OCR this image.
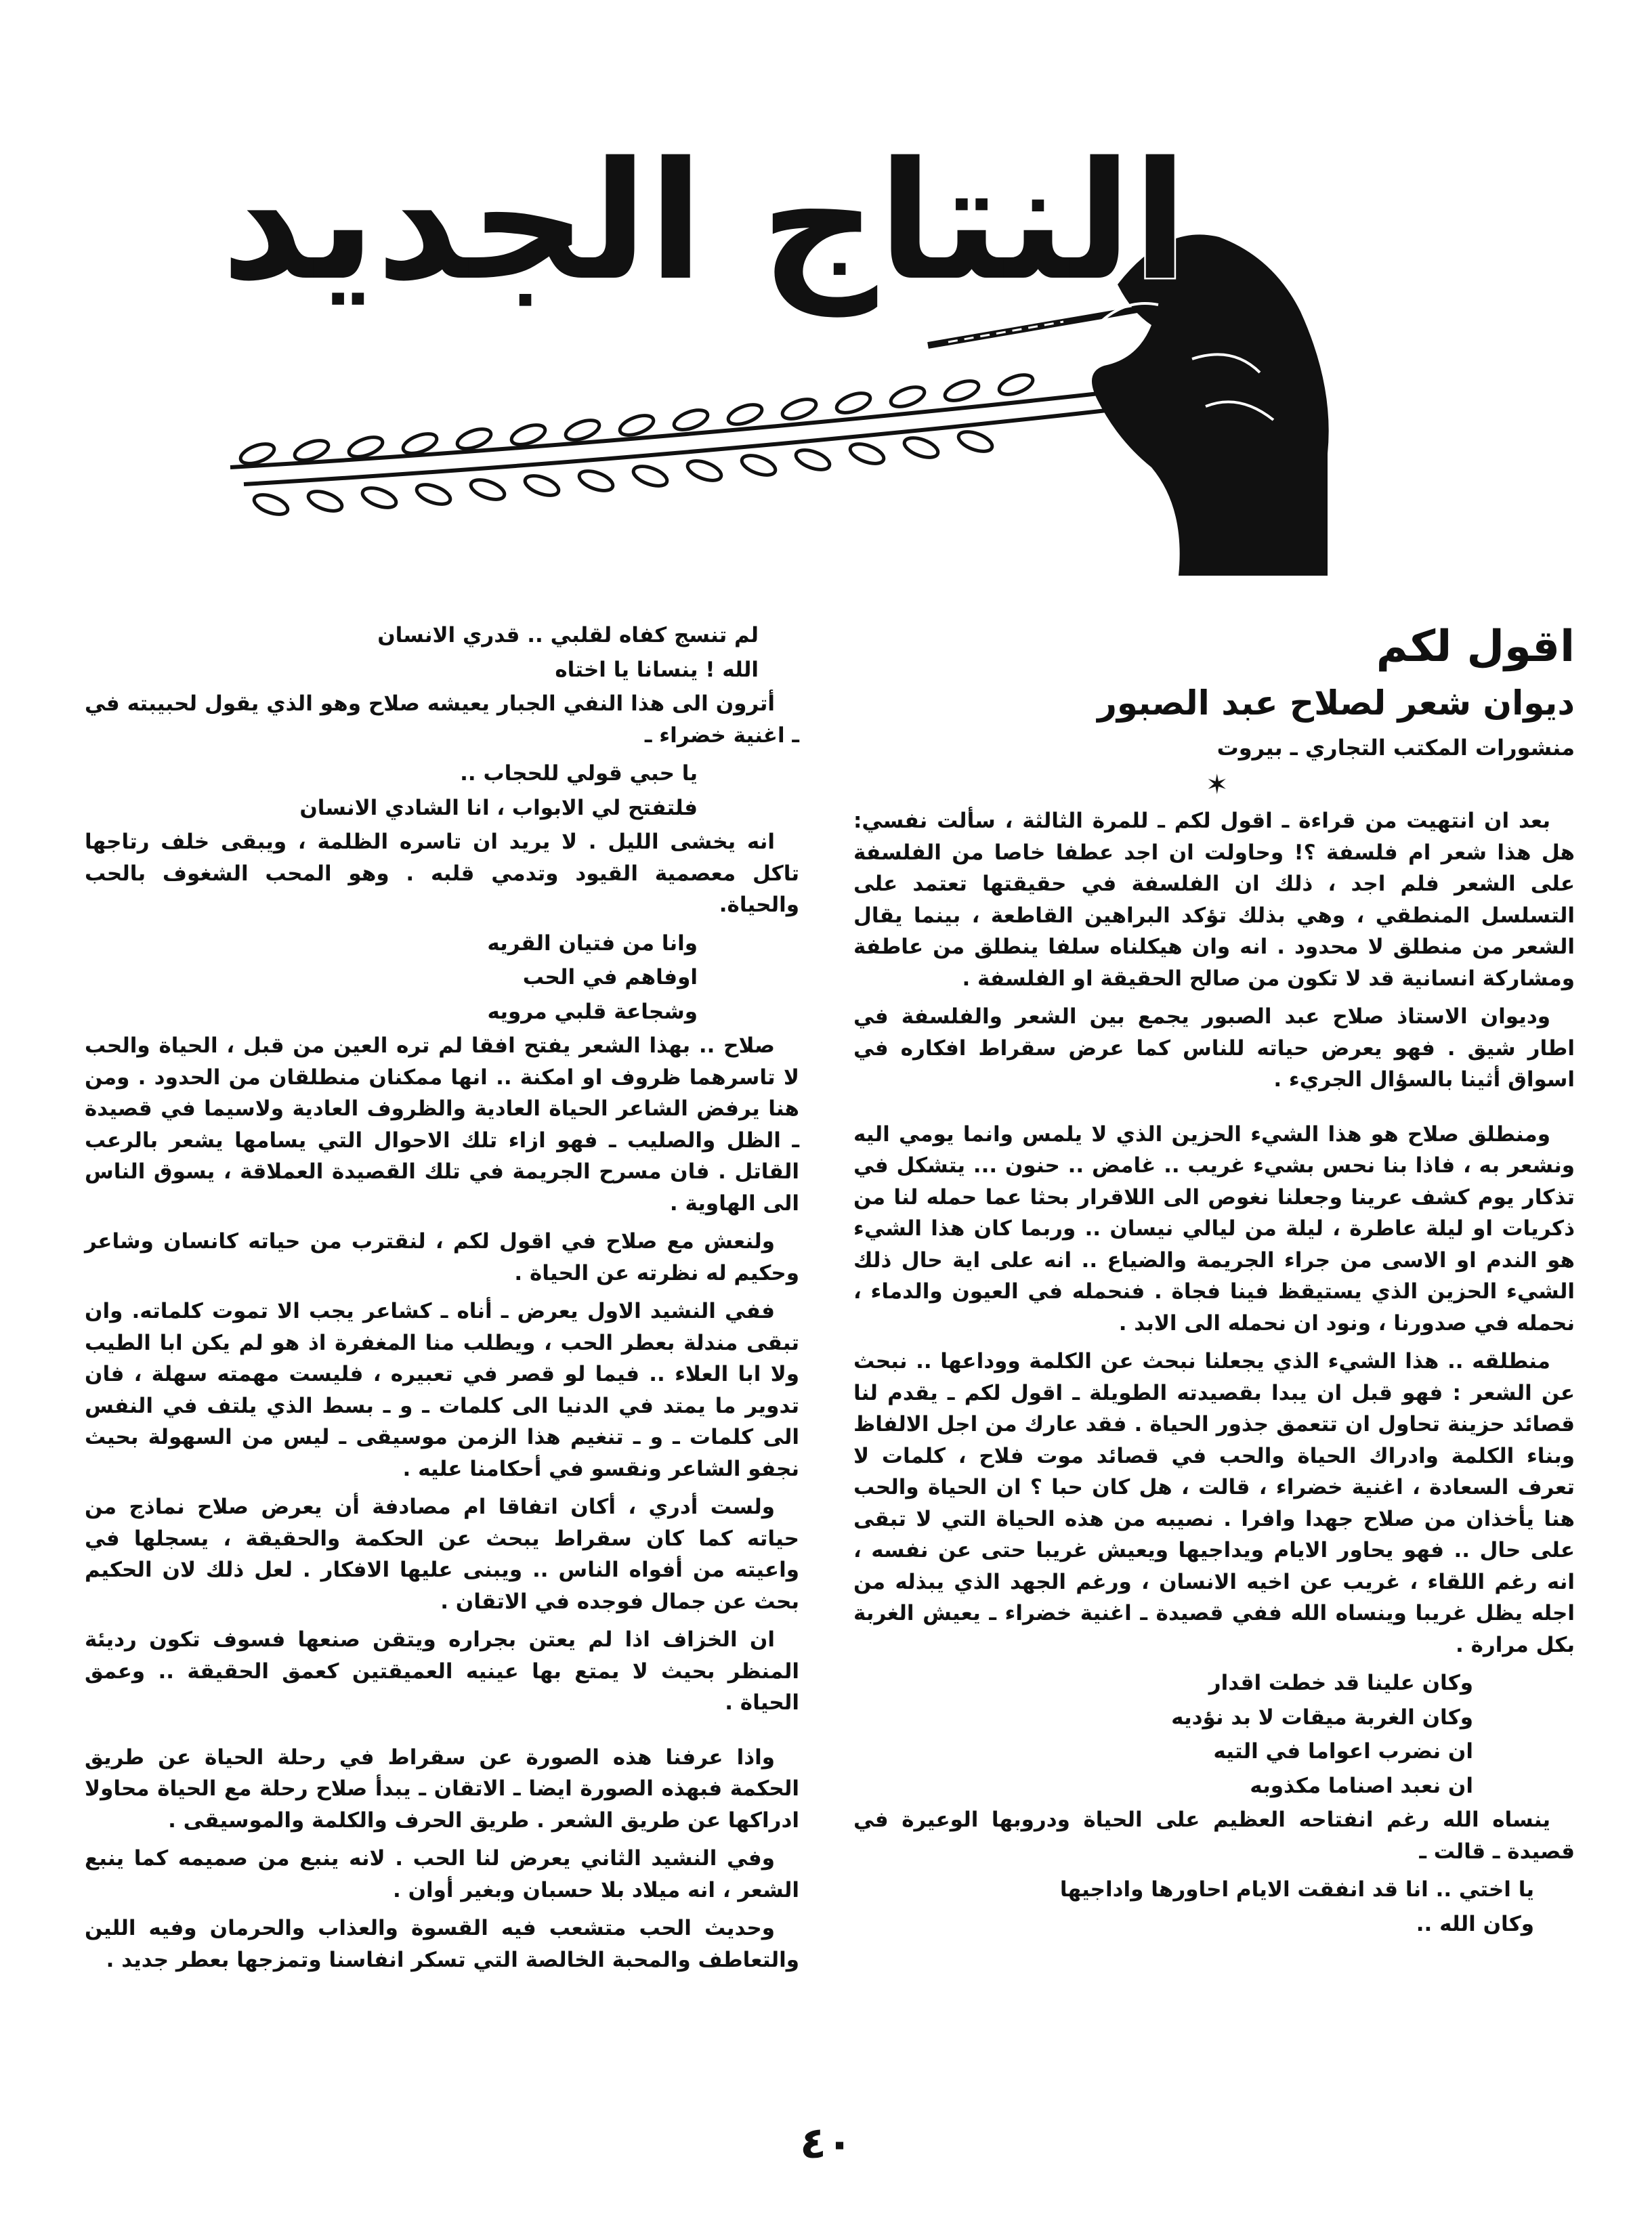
النتاج الجديد

اقول لكم

ديوان شعر لصلاح عبد الصبور

منشورات المكتب التجاري ـ بيروت

✶

بعد ان انتهيت من قراءة ـ اقول لكم ـ للمرة الثالثة ، سألت نفسي: هل هذا شعر ام فلسفة ؟! وحاولت ان اجد عطفا خاصا من الفلسفة على الشعر فلم اجد ، ذلك ان الفلسفة في حقيقتها تعتمد على التسلسل المنطقي ، وهي بذلك تؤكد البراهين القاطعة ، بينما يقال الشعر من منطلق لا محدود . انه وان هيكلناه سلفا ينطلق من عاطفة ومشاركة انسانية قد لا تكون من صالح الحقيقة او الفلسفة .

وديوان الاستاذ صلاح عبد الصبور يجمع بين الشعر والفلسفة في اطار شيق . فهو يعرض حياته للناس كما عرض سقراط افكاره في اسواق أثينا بالسؤال الجريء .

ومنطلق صلاح هو هذا الشيء الحزين الذي لا يلمس وانما يومي اليه ونشعر به ، فاذا بنا نحس بشيء غريب .. غامض .. حنون ... يتشكل في تذكار يوم كشف عرينا وجعلنا نغوص الى اللاقرار بحثا عما حمله لنا من ذكريات او ليلة عاطرة ، ليلة من ليالي نيسان .. وربما كان هذا الشيء هو الندم او الاسى من جراء الجريمة والضياع .. انه على اية حال ذلك الشيء الحزين الذي يستيقظ فينا فجاة . فنحمله في العيون والدماء ، نحمله في صدورنا ، ونود ان نحمله الى الابد .

منطلقه .. هذا الشيء الذي يجعلنا نبحث عن الكلمة ووداعها .. نبحث عن الشعر : فهو قبل ان يبدا بقصيدته الطويلة ـ اقول لكم ـ يقدم لنا قصائد حزينة تحاول ان تتعمق جذور الحياة . فقد عارك من اجل الالفاظ وبناء الكلمة وادراك الحياة والحب في قصائد موت فلاح ، كلمات لا تعرف السعادة ، اغنية خضراء ، قالت ، هل كان حبا ؟ ان الحياة والحب هنا يأخذان من صلاح جهدا وافرا . نصيبه من هذه الحياة التي لا تبقى على حال .. فهو يحاور الايام ويداجيها ويعيش غريبا حتى عن نفسه ، انه رغم اللقاء ، غريب عن اخيه الانسان ، ورغم الجهد الذي يبذله من اجله يظل غريبا وينساه الله ففي قصيدة ـ اغنية خضراء ـ يعيش الغربة بكل مرارة .

وكان علينا قد خطت اقدار

وكان الغربة ميقات لا بد نؤديه

ان نضرب اعواما في التيه

ان نعبد اصناما مكذوبه

ينساه الله رغم انفتاحه العظيم على الحياة ودروبها الوعيرة في قصيدة ـ قالت ـ

يا اختي .. انا قد انفقت الايام احاورها واداجيها

وكان الله ..

لم تنسج كفاه لقلبي .. قدري الانسان

الله ! ينسانا يا اختاه

أترون الى هذا النفي الجبار يعيشه صلاح وهو الذي يقول لحبيبته في ـ اغنية خضراء ـ

يا حبي قولي للحجاب ..

فلتفتح لي الابواب ، انا الشادي الانسان

انه يخشى الليل . لا يريد ان تاسره الظلمة ، ويبقى خلف رتاجها تاكل معصمية القيود وتدمي قلبه . وهو المحب الشغوف بالحب والحياة.

وانا من فتيان القريه

اوفاهم في الحب

وشجاعة قلبي مرويه

صلاح .. بهذا الشعر يفتح افقا لم تره العين من قبل ، الحياة والحب لا تاسرهما ظروف او امكنة .. انها ممكنان منطلقان من الحدود . ومن هنا يرفض الشاعر الحياة العادية والظروف العادية ولاسيما في قصيدة ـ الظل والصليب ـ فهو ازاء تلك الاحوال التي يسامها يشعر بالرعب القاتل . فان مسرح الجريمة في تلك القصيدة العملاقة ، يسوق الناس الى الهاوية .

ولنعش مع صلاح في اقول لكم ، لنقترب من حياته كانسان وشاعر وحكيم له نظرته عن الحياة .

ففي النشيد الاول يعرض ـ أناه ـ كشاعر يجب الا تموت كلماته. وان تبقى مندلة بعطر الحب ، ويطلب منا المغفرة اذ هو لم يكن ابا الطيب ولا ابا العلاء .. فيما لو قصر في تعبيره ، فليست مهمته سهلة ، فان تدوير ما يمتد في الدنيا الى كلمات ـ و ـ بسط الذي يلتف في النفس الى كلمات ـ و ـ تنغيم هذا الزمن موسيقى ـ ليس من السهولة بحيث نجفو الشاعر ونقسو في أحكامنا عليه .

ولست أدري ، أكان اتفاقا ام مصادفة أن يعرض صلاح نماذج من حياته كما كان سقراط يبحث عن الحكمة والحقيقة ، يسجلها في واعيته من أفواه الناس .. ويبنى عليها الافكار . لعل ذلك لان الحكيم بحث عن جمال فوجده في الاتقان .

ان الخزاف اذا لم يعتن بجراره ويتقن صنعها فسوف تكون رديئة المنظر بحيث لا يمتع بها عينيه العميقتين كعمق الحقيقة .. وعمق الحياة .

واذا عرفنا هذه الصورة عن سقراط في رحلة الحياة عن طريق الحكمة فبهذه الصورة ايضا ـ الاتقان ـ يبدأ صلاح رحلة مع الحياة محاولا ادراكها عن طريق الشعر . طريق الحرف والكلمة والموسيقى .

وفي النشيد الثاني يعرض لنا الحب . لانه ينبع من صميمه كما ينبع الشعر ، انه ميلاد بلا حسبان وبغير أوان .

وحديث الحب متشعب فيه القسوة والعذاب والحرمان وفيه اللين والتعاطف والمحبة الخالصة التي تسكر انفاسنا وتمزجها بعطر جديد .

٤٠
